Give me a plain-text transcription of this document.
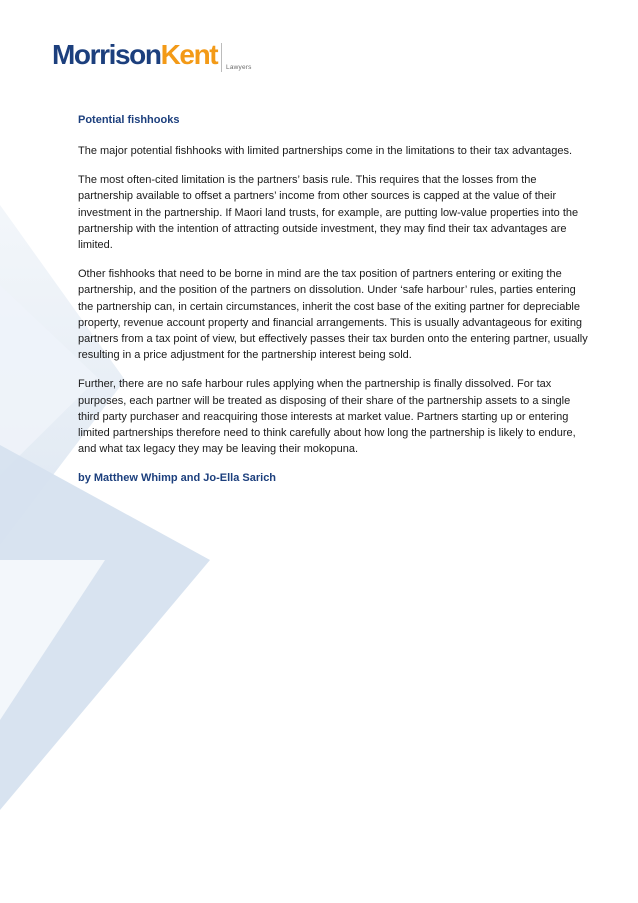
MorrisonKent Lawyers
Potential fishhooks

The major potential fishhooks with limited partnerships come in the limitations to their tax advantages.

The most often-cited limitation is the partners’ basis rule. This requires that the losses from the partnership available to offset a partners’ income from other sources is capped at the value of their investment in the partnership. If Maori land trusts, for example, are putting low-value properties into the partnership with the intention of attracting outside investment, they may find their tax advantages are limited.

Other fishhooks that need to be borne in mind are the tax position of partners entering or exiting the partnership, and the position of the partners on dissolution. Under ‘safe harbour’ rules, parties entering the partnership can, in certain circumstances, inherit the cost base of the exiting partner for depreciable property, revenue account property and financial arrangements. This is usually advantageous for exiting partners from a tax point of view, but effectively passes their tax burden onto the entering partner, usually resulting in a price adjustment for the partnership interest being sold.

Further, there are no safe harbour rules applying when the partnership is finally dissolved. For tax purposes, each partner will be treated as disposing of their share of the partnership assets to a single third party purchaser and reacquiring those interests at market value. Partners starting up or entering limited partnerships therefore need to think carefully about how long the partnership is likely to endure, and what tax legacy they may be leaving their mokopuna.

by Matthew Whimp and Jo-Ella Sarich
